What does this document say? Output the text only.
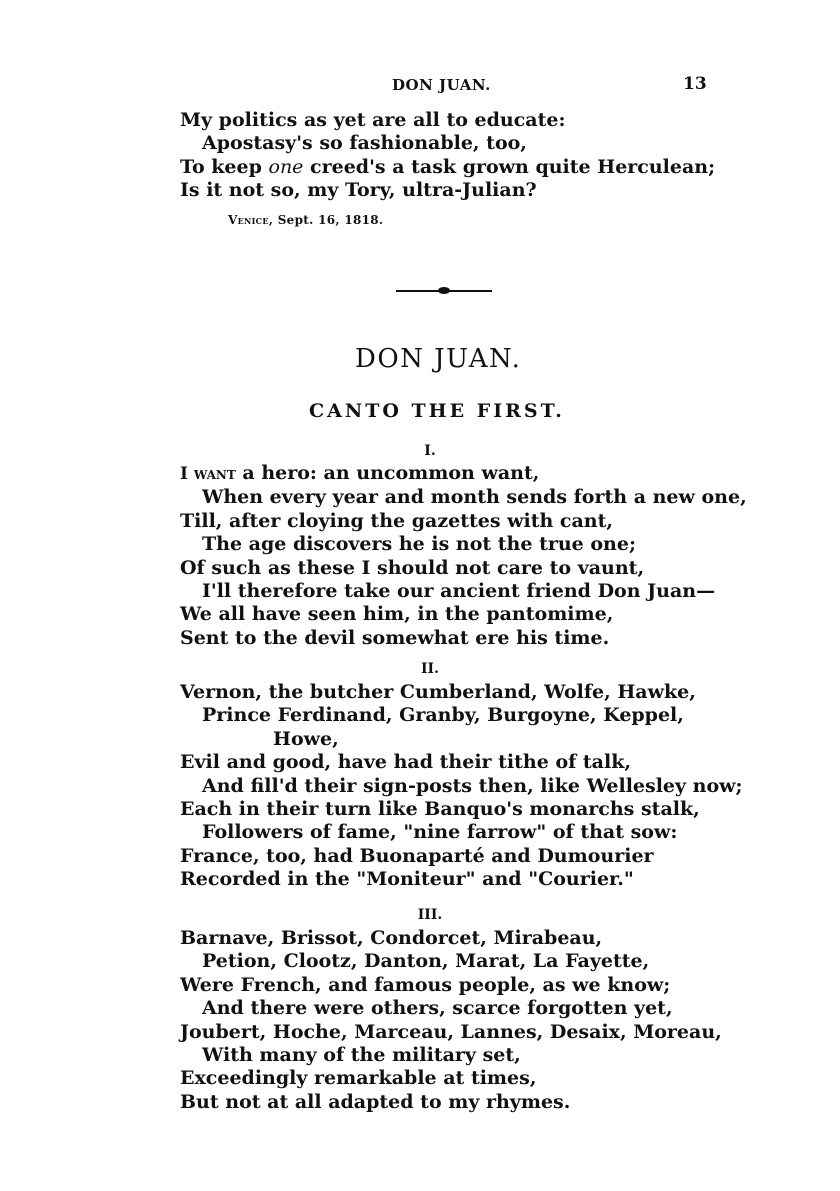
DON JUAN.	13

My politics as yet are all to educate:

Apostasy's so fashionable, too,

To keep one creed's a task grown quite Herculean;

Is it not so, my Tory, ultra-Julian?

Venice, Sept. 16, 1818.
DON JUAN.
CANTO THE FIRST.
I.

I want a hero: an uncommon want,

When every year and month sends forth a new one,

Till, after cloying the gazettes with cant,

The age discovers he is not the true one;

Of such as these I should not care to vaunt,

I'll therefore take our ancient friend Don Juan—

We all have seen him, in the pantomime,

Sent to the devil somewhat ere his time.

II.

Vernon, the butcher Cumberland, Wolfe, Hawke,

Prince Ferdinand, Granby, Burgoyne, Keppel,

Howe,

Evil and good, have had their tithe of talk,

And fill'd their sign-posts then, like Wellesley now;

Each in their turn like Banquo's monarchs stalk,

Followers of fame, "nine farrow" of that sow:

France, too, had Buonaparté and Dumourier

Recorded in the "Moniteur" and "Courier."

III.

Barnave, Brissot, Condorcet, Mirabeau,

Petion, Clootz, Danton, Marat, La Fayette,

Were French, and famous people, as we know;

And there were others, scarce forgotten yet,

Joubert, Hoche, Marceau, Lannes, Desaix, Moreau,

With many of the military set,

Exceedingly remarkable at times,

But not at all adapted to my rhymes.
